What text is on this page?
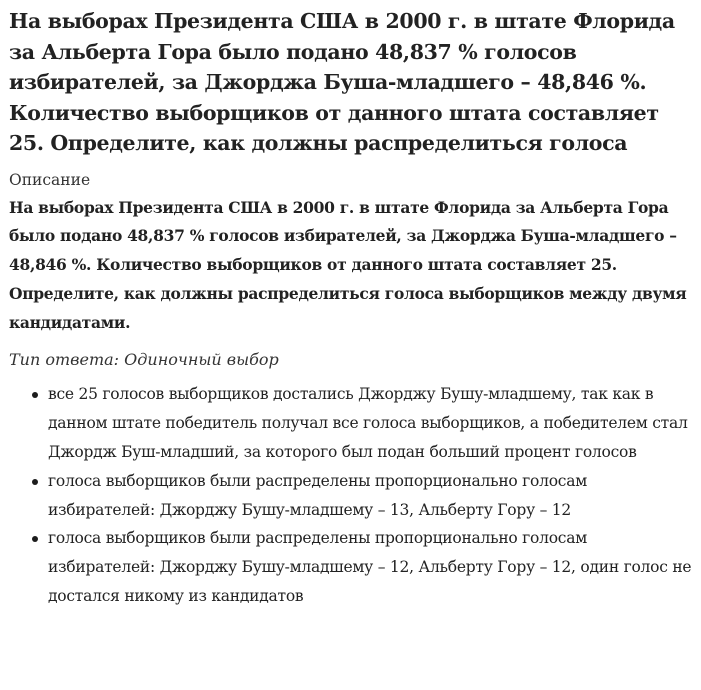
На выборах Президента США в 2000 г. в штате Флорида за Альберта Гора было подано 48,837 % голосов избирателей, за Джорджа Буша-младшего – 48,846 %. Количество выборщиков от данного штата составляет 25. Определите, как должны распределиться голоса
Описание
На выборах Президента США в 2000 г. в штате Флорида за Альберта Гора было подано 48,837 % голосов избирателей, за Джорджа Буша-младшего – 48,846 %. Количество выборщиков от данного штата составляет 25. Определите, как должны распределиться голоса выборщиков между двумя кандидатами.
Тип ответа: Одиночный выбор
все 25 голосов выборщиков достались Джорджу Бушу-младшему, так как в данном штате победитель получал все голоса выборщиков, а победителем стал Джордж Буш-младший, за которого был подан больший процент голосов
голоса выборщиков были распределены пропорционально голосам избирателей: Джорджу Бушу-младшему – 13, Альберту Гору – 12
голоса выборщиков были распределены пропорционально голосам избирателей: Джорджу Бушу-младшему – 12, Альберту Гору – 12, один голос не достался никому из кандидатов
